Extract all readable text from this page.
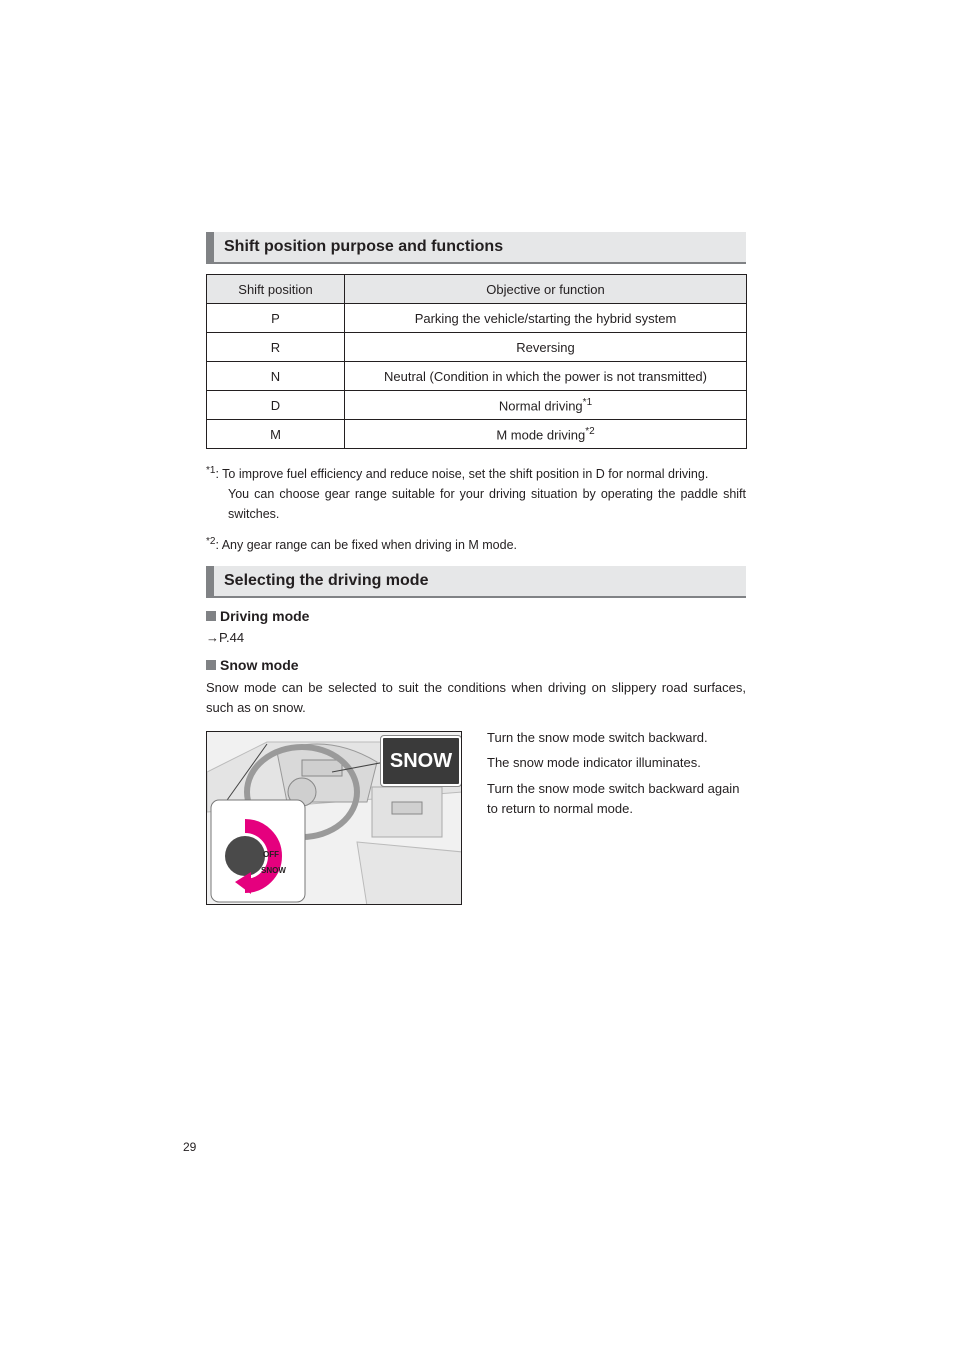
Shift position purpose and functions
Shift position	Objective or function
P	Parking the vehicle/starting the hybrid system
R	Reversing
N	Neutral (Condition in which the power is not transmitted)
D	Normal driving$^{*1}$
M	M mode driving$^{*2}$
$^{*1}$: To improve fuel efficiency and reduce noise, set the shift position in D for normal driving.
You can choose gear range suitable for your driving situation by operating the paddle shift switches.
$^{*2}$: Any gear range can be fixed when driving in M mode.
Selecting the driving mode
Driving mode
→P.44
Snow mode
Snow mode can be selected to suit the conditions when driving on slippery road surfaces, such as on snow.
SNOW
OFF
SNOW
Turn the snow mode switch backward.
The snow mode indicator illuminates.
Turn the snow mode switch backward again to return to normal mode.
29
